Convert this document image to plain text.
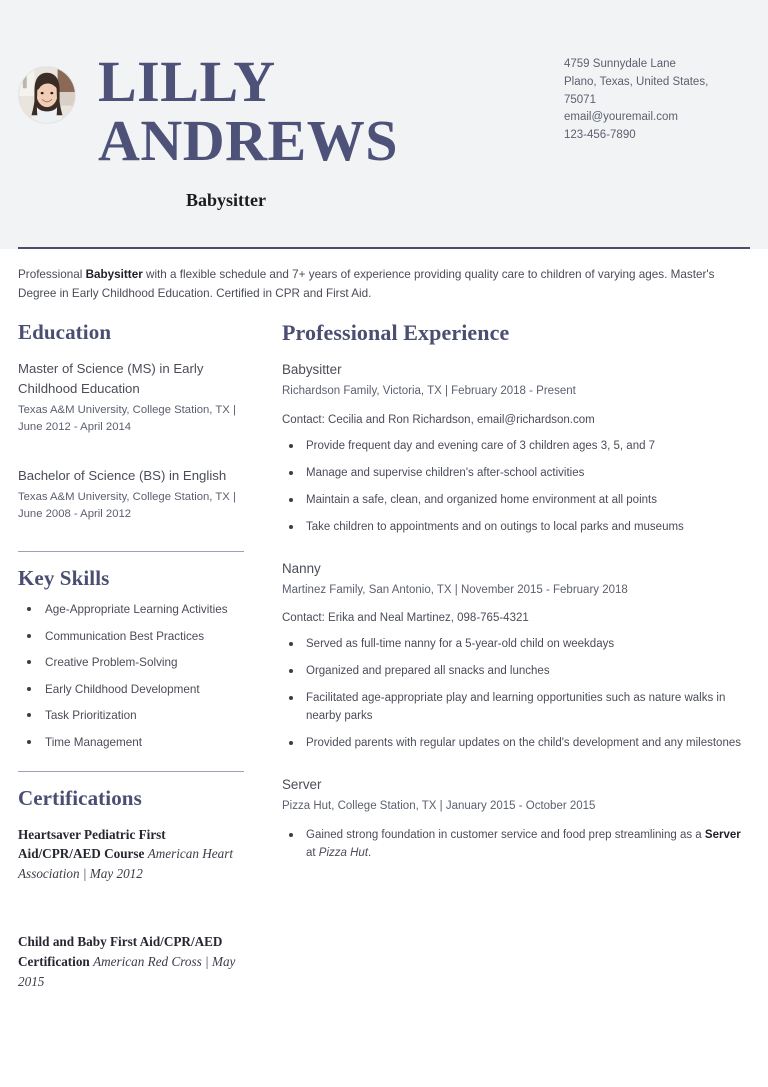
LILLY
ANDREWS
Babysitter
4759 Sunnydale Lane
Plano, Texas, United States,
75071
email@youremail.com
123-456-7890
Professional Babysitter with a flexible schedule and 7+ years of experience providing quality care to children of varying ages. Master's Degree in Early Childhood Education. Certified in CPR and First Aid.
Education
Master of Science (MS) in Early Childhood Education
Texas A&M University, College Station, TX | June 2012 - April 2014
Bachelor of Science (BS) in English
Texas A&M University, College Station, TX | June 2008 - April 2012
Key Skills
Age-Appropriate Learning Activities
Communication Best Practices
Creative Problem-Solving
Early Childhood Development
Task Prioritization
Time Management
Certifications
Heartsaver Pediatric First Aid/CPR/AED Course American Heart Association | May 2012
Child and Baby First Aid/CPR/AED Certification American Red Cross | May 2015
Professional Experience
Babysitter
Richardson Family, Victoria, TX | February 2018 - Present
Contact: Cecilia and Ron Richardson, email@richardson.com
Provide frequent day and evening care of 3 children ages 3, 5, and 7
Manage and supervise children's after-school activities
Maintain a safe, clean, and organized home environment at all points
Take children to appointments and on outings to local parks and museums
Nanny
Martinez Family, San Antonio, TX | November 2015 - February 2018
Contact: Erika and Neal Martinez, 098-765-4321
Served as full-time nanny for a 5-year-old child on weekdays
Organized and prepared all snacks and lunches
Facilitated age-appropriate play and learning opportunities such as nature walks in nearby parks
Provided parents with regular updates on the child's development and any milestones
Server
Pizza Hut, College Station, TX | January 2015 - October 2015
Gained strong foundation in customer service and food prep streamlining as a Server at Pizza Hut.
